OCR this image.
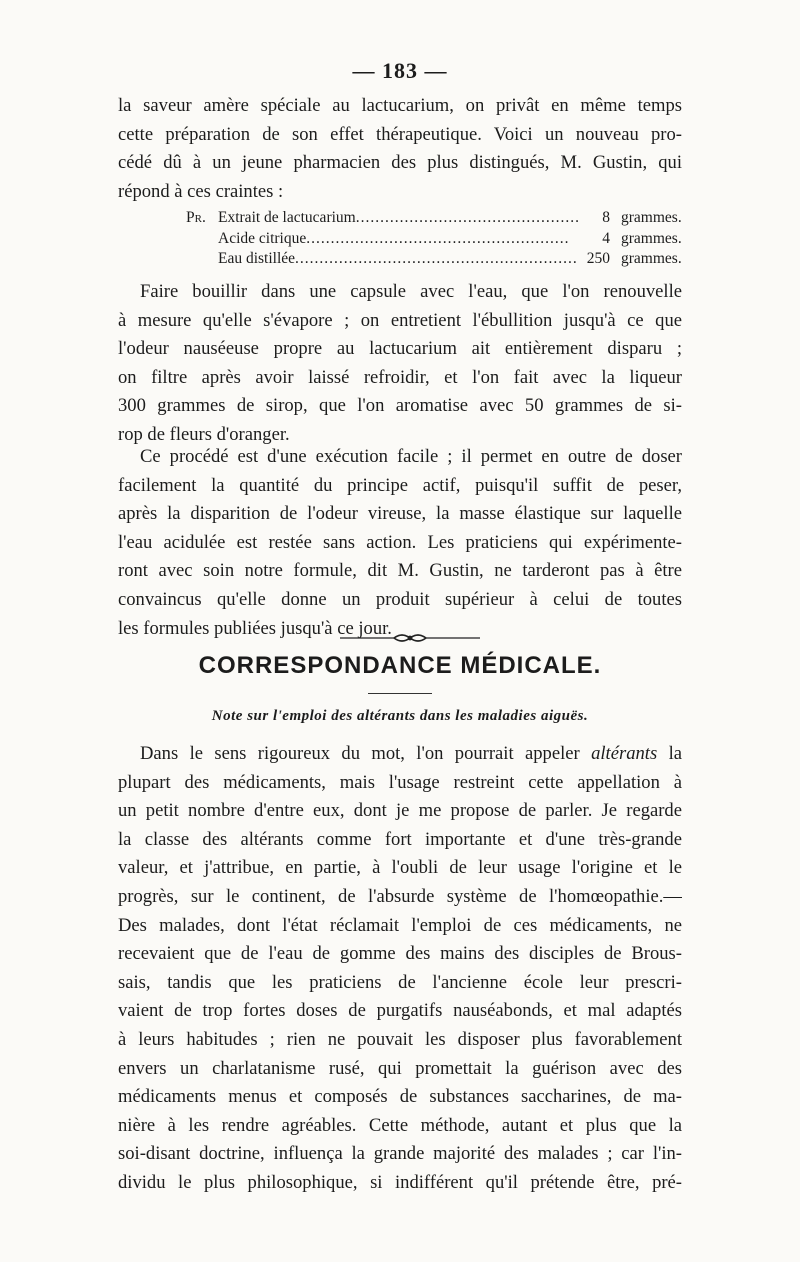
— 183 —
la saveur amère spéciale au lactucarium, on privât en même temps
cette préparation de son effet thérapeutique. Voici un nouveau pro-
cédé dû à un jeune pharmacien des plus distingués, M. Gustin, qui
répond à ces craintes :
Pr. Extrait de lactucarium..............................................	8 grammes.
Acide citrique......................................................	4 grammes.
Eau distillée.......................................................... 250 grammes.
Faire bouillir dans une capsule avec l'eau, que l'on renouvelle
à mesure qu'elle s'évapore ; on entretient l'ébullition jusqu'à ce que
l'odeur nauséeuse propre au lactucarium ait entièrement disparu ;
on filtre après avoir laissé refroidir, et l'on fait avec la liqueur
300 grammes de sirop, que l'on aromatise avec 50 grammes de si-
rop de fleurs d'oranger.
Ce procédé est d'une exécution facile ; il permet en outre de doser
facilement la quantité du principe actif, puisqu'il suffit de peser,
après la disparition de l'odeur vireuse, la masse élastique sur laquelle
l'eau acidulée est restée sans action. Les praticiens qui expérimente-
ront avec soin notre formule, dit M. Gustin, ne tarderont pas à être
convaincus qu'elle donne un produit supérieur à celui de toutes
les formules publiées jusqu'à ce jour.
CORRESPONDANCE MÉDICALE.
Note sur l'emploi des altérants dans les maladies aiguës.
Dans le sens rigoureux du mot, l'on pourrait appeler altérants la
plupart des médicaments, mais l'usage restreint cette appellation à
un petit nombre d'entre eux, dont je me propose de parler. Je regarde
la classe des altérants comme fort importante et d'une très-grande
valeur, et j'attribue, en partie, à l'oubli de leur usage l'origine et le
progrès, sur le continent, de l'absurde système de l'homœopathie.—
Des malades, dont l'état réclamait l'emploi de ces médicaments, ne
recevaient que de l'eau de gomme des mains des disciples de Brous-
sais, tandis que les praticiens de l'ancienne école leur prescri-
vaient de trop fortes doses de purgatifs nauséabonds, et mal adaptés
à leurs habitudes ; rien ne pouvait les disposer plus favorablement
envers un charlatanisme rusé, qui promettait la guérison avec des
médicaments menus et composés de substances saccharines, de ma-
nière à les rendre agréables. Cette méthode, autant et plus que la
soi-disant doctrine, influença la grande majorité des malades ; car l'in-
dividu le plus philosophique, si indifférent qu'il prétende être, pré-
